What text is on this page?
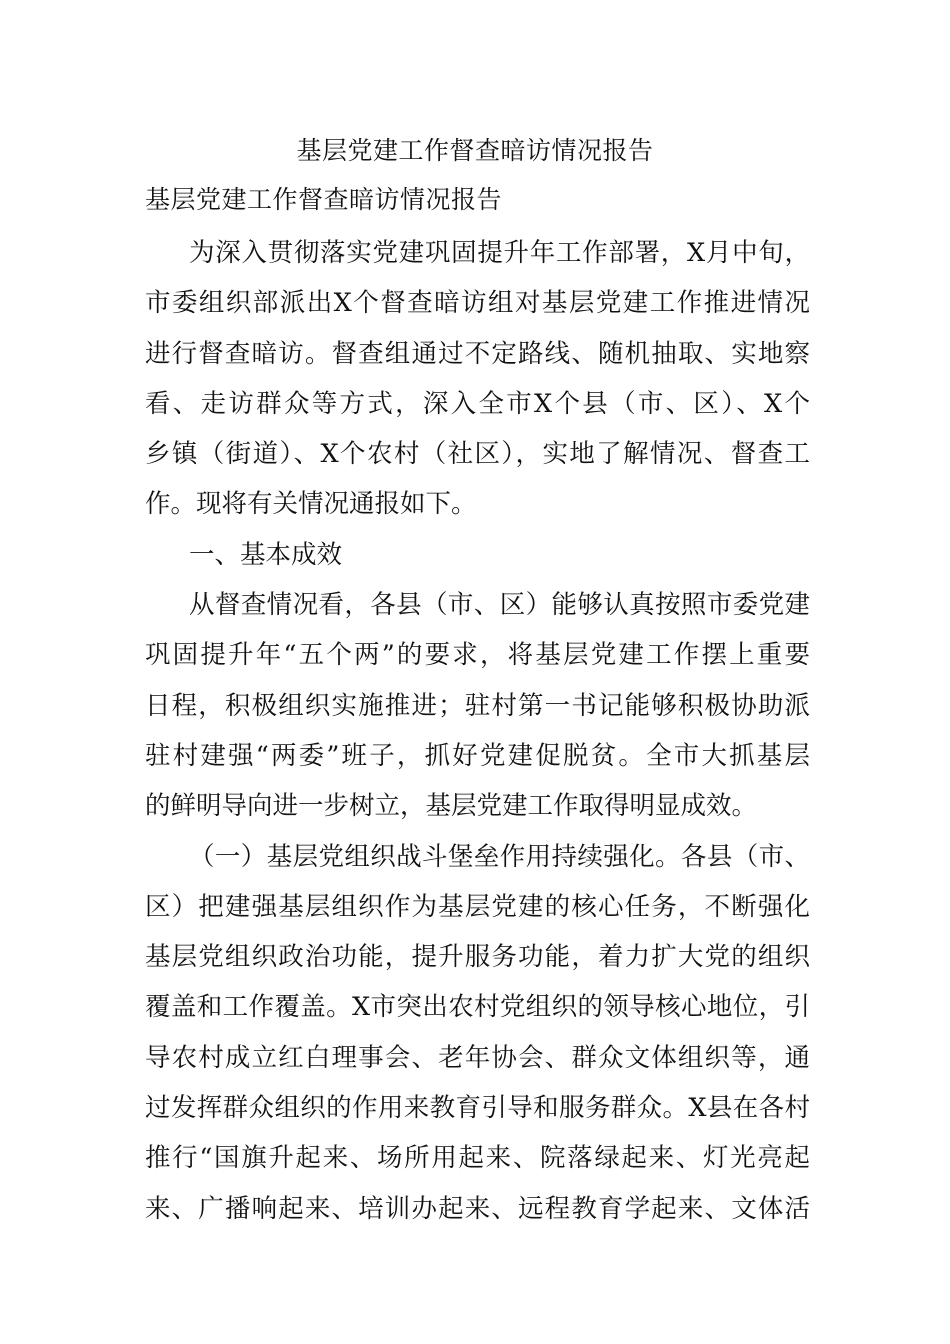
基层党建工作督查暗访情况报告
基层党建工作督查暗访情况报告
为深入贯彻落实党建巩固提升年工作部署，X月中旬，
市委组织部派出X个督查暗访组对基层党建工作推进情况
进行督查暗访。督查组通过不定路线、随机抽取、实地察
看、走访群众等方式，深入全市X个县（市、区）、X个
乡镇（街道）、X个农村（社区），实地了解情况、督查工
作。现将有关情况通报如下。
一、基本成效
从督查情况看，各县（市、区）能够认真按照市委党建
巩固提升年“五个两”的要求，将基层党建工作摆上重要
日程，积极组织实施推进；驻村第一书记能够积极协助派
驻村建强“两委”班子，抓好党建促脱贫。全市大抓基层
的鲜明导向进一步树立，基层党建工作取得明显成效。
（一）基层党组织战斗堡垒作用持续强化。各县（市、
区）把建强基层组织作为基层党建的核心任务，不断强化
基层党组织政治功能，提升服务功能，着力扩大党的组织
覆盖和工作覆盖。X市突出农村党组织的领导核心地位，引
导农村成立红白理事会、老年协会、群众文体组织等，通
过发挥群众组织的作用来教育引导和服务群众。X县在各村
推行“国旗升起来、场所用起来、院落绿起来、灯光亮起
来、广播响起来、培训办起来、远程教育学起来、文体活
